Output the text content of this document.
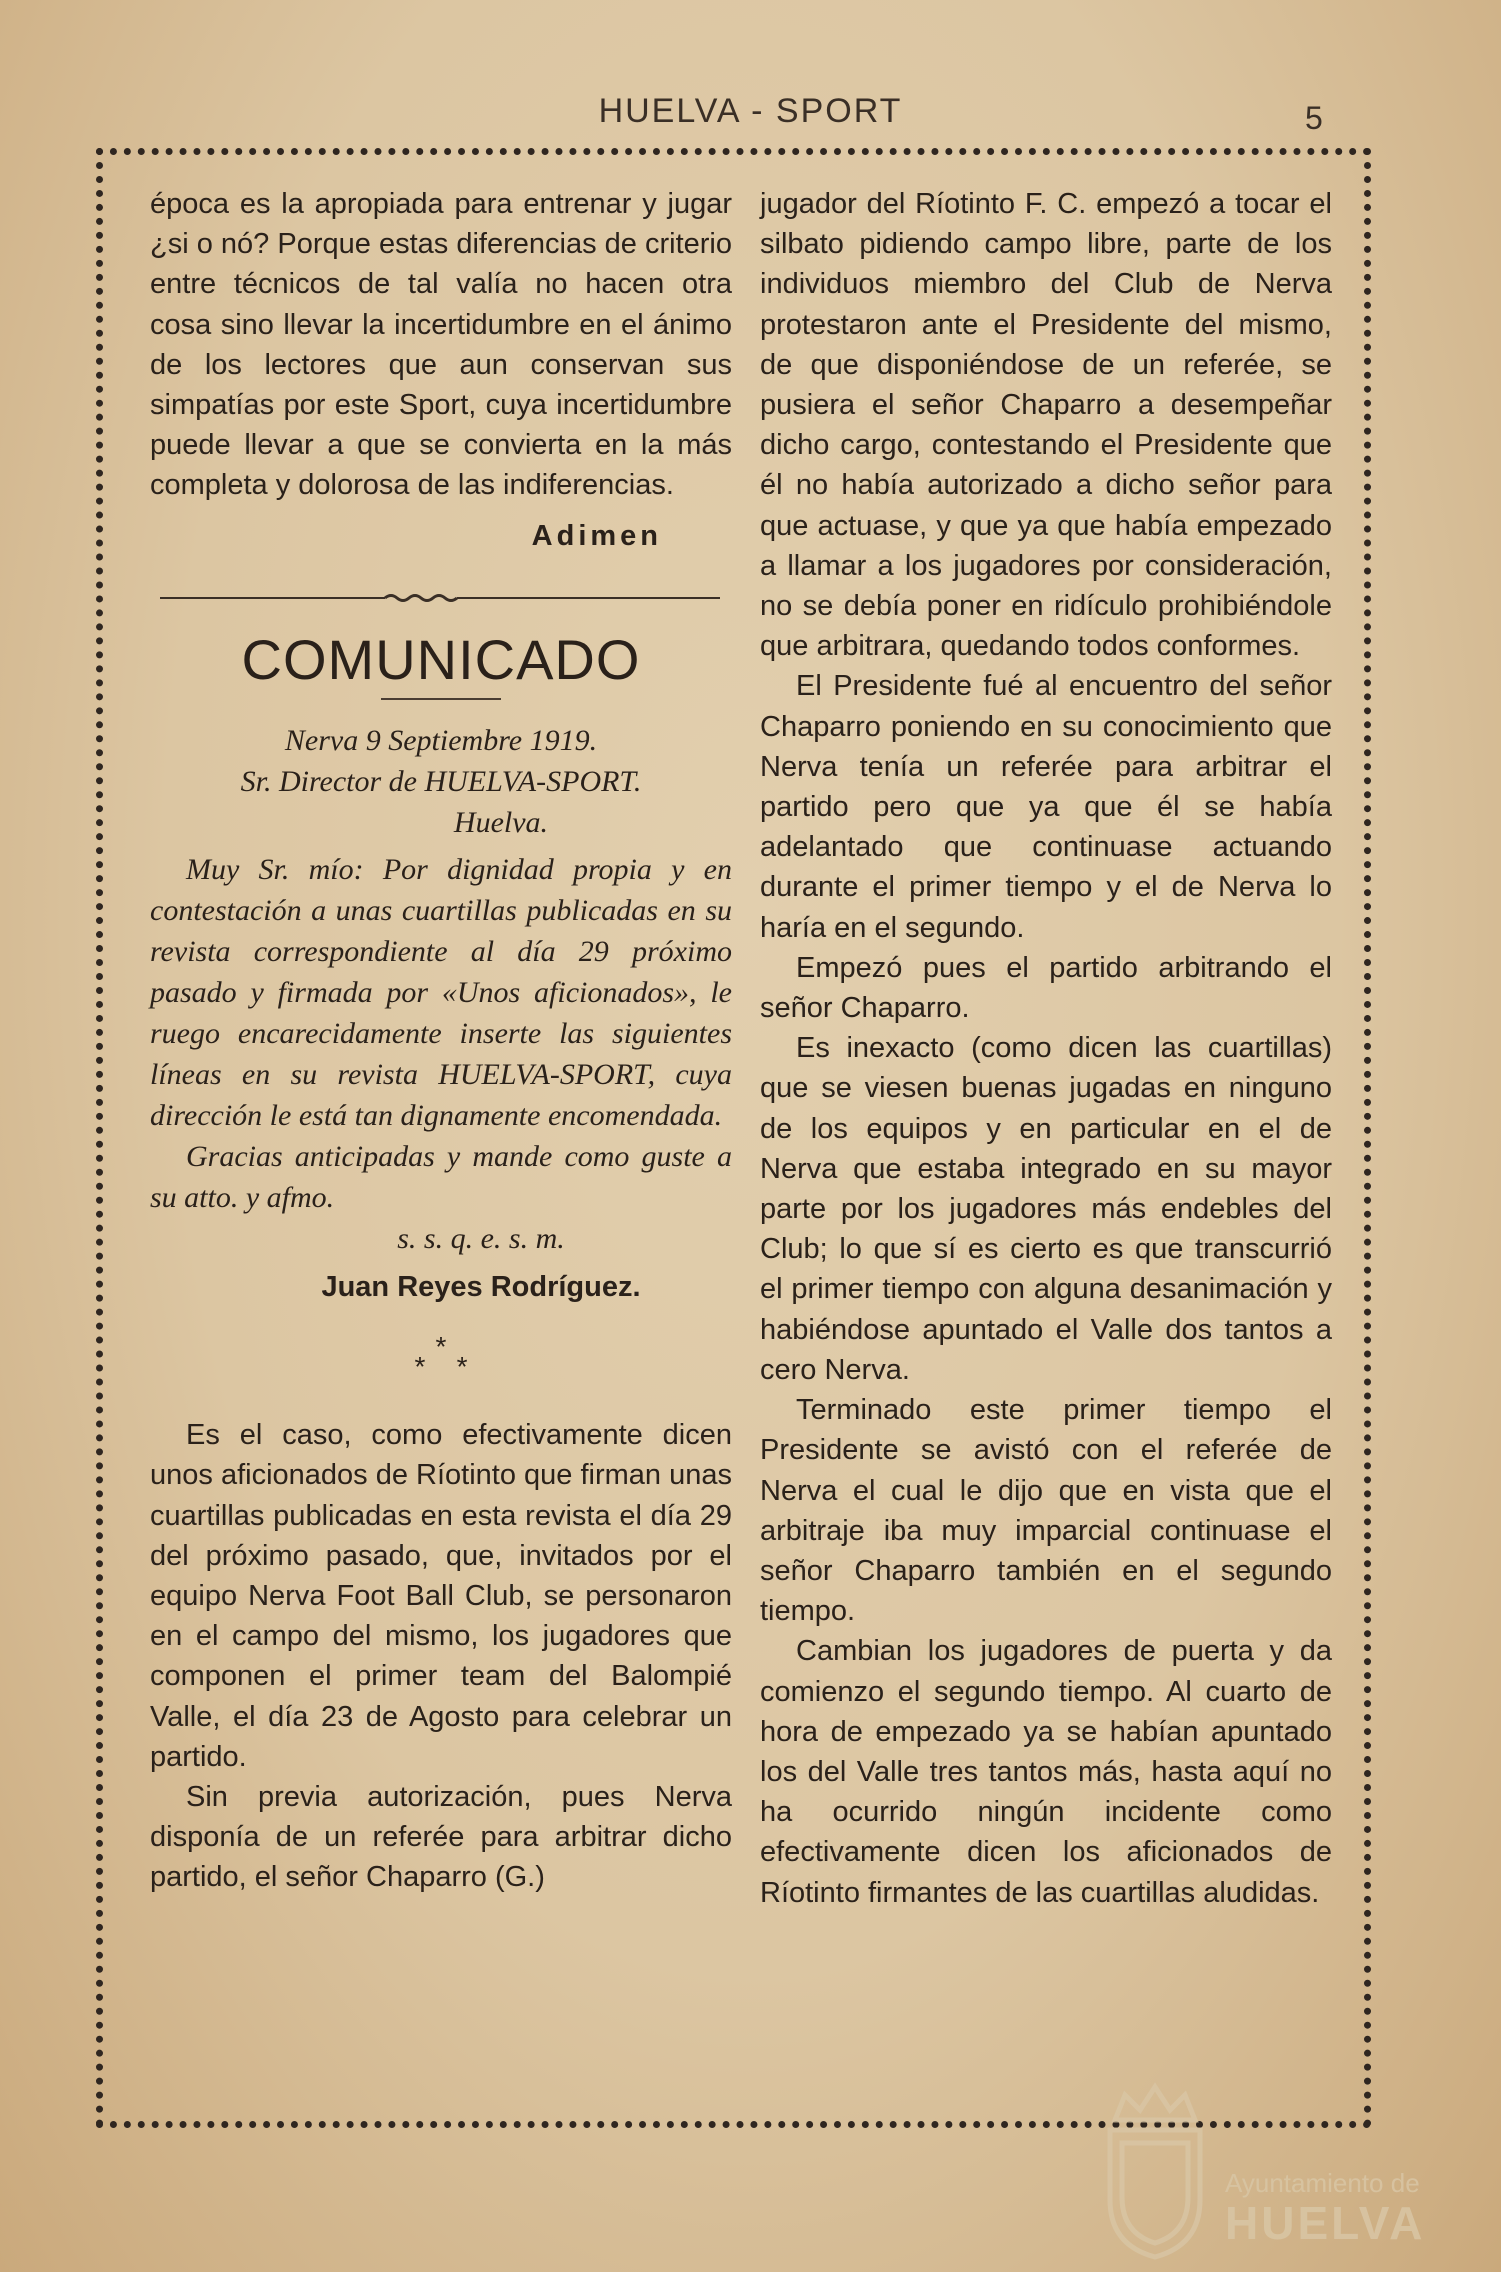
HUELVA - SPORT	5

época es la apropiada para entrenar y jugar ¿si o nó? Porque estas diferencias de criterio entre técnicos de tal valía no hacen otra cosa sino llevar la incertidumbre en el ánimo de los lectores que aun conservan sus simpatías por este Sport, cuya incertidumbre puede llevar a que se convierta en la más completa y dolorosa de las indiferencias.

Adimen

COMUNICADO

Nerva 9 Septiembre 1919.

Sr. Director de HUELVA-SPORT.

Huelva.

Muy Sr. mío: Por dignidad propia y en contestación a unas cuartillas publicadas en su revista correspondiente al día 29 próximo pasado y firmada por «Unos aficionados», le ruego encarecidamente inserte las siguientes líneas en su revista HUELVA-SPORT, cuya dirección le está tan dignamente encomendada.

Gracias anticipadas y mande como guste a su atto. y afmo.

s. s. q. e. s. m.

Juan Reyes Rodríguez.

*
* *

Es el caso, como efectivamente dicen unos aficionados de Ríotinto que firman unas cuartillas publicadas en esta revista el día 29 del próximo pasado, que, invitados por el equipo Nerva Foot Ball Club, se personaron en el campo del mismo, los jugadores que componen el primer team del Balompié Valle, el día 23 de Agosto para celebrar un partido.

Sin previa autorización, pues Nerva disponía de un referée para arbitrar dicho partido, el señor Chaparro (G.)

jugador del Ríotinto F. C. empezó a tocar el silbato pidiendo campo libre, parte de los individuos miembro del Club de Nerva protestaron ante el Presidente del mismo, de que disponiéndose de un referée, se pusiera el señor Chaparro a desempeñar dicho cargo, contestando el Presidente que él no había autorizado a dicho señor para que actuase, y que ya que había empezado a llamar a los jugadores por consideración, no se debía poner en ridículo prohibiéndole que arbitrara, quedando todos conformes.

El Presidente fué al encuentro del señor Chaparro poniendo en su conocimiento que Nerva tenía un referée para arbitrar el partido pero que ya que él se había adelantado que continuase actuando durante el primer tiempo y el de Nerva lo haría en el segundo.

Empezó pues el partido arbitrando el señor Chaparro.

Es inexacto (como dicen las cuartillas) que se viesen buenas jugadas en ninguno de los equipos y en particular en el de Nerva que estaba integrado en su mayor parte por los jugadores más endebles del Club; lo que sí es cierto es que transcurrió el primer tiempo con alguna desanimación y habiéndose apuntado el Valle dos tantos a cero Nerva.

Terminado este primer tiempo el Presidente se avistó con el referée de Nerva el cual le dijo que en vista que el arbitraje iba muy imparcial continuase el señor Chaparro también en el segundo tiempo.

Cambian los jugadores de puerta y da comienzo el segundo tiempo. Al cuarto de hora de empezado ya se habían apuntado los del Valle tres tantos más, hasta aquí no ha ocurrido ningún incidente como efectivamente dicen los aficionados de Ríotinto firmantes de las cuartillas aludidas.

Ayuntamiento de
HUELVA
